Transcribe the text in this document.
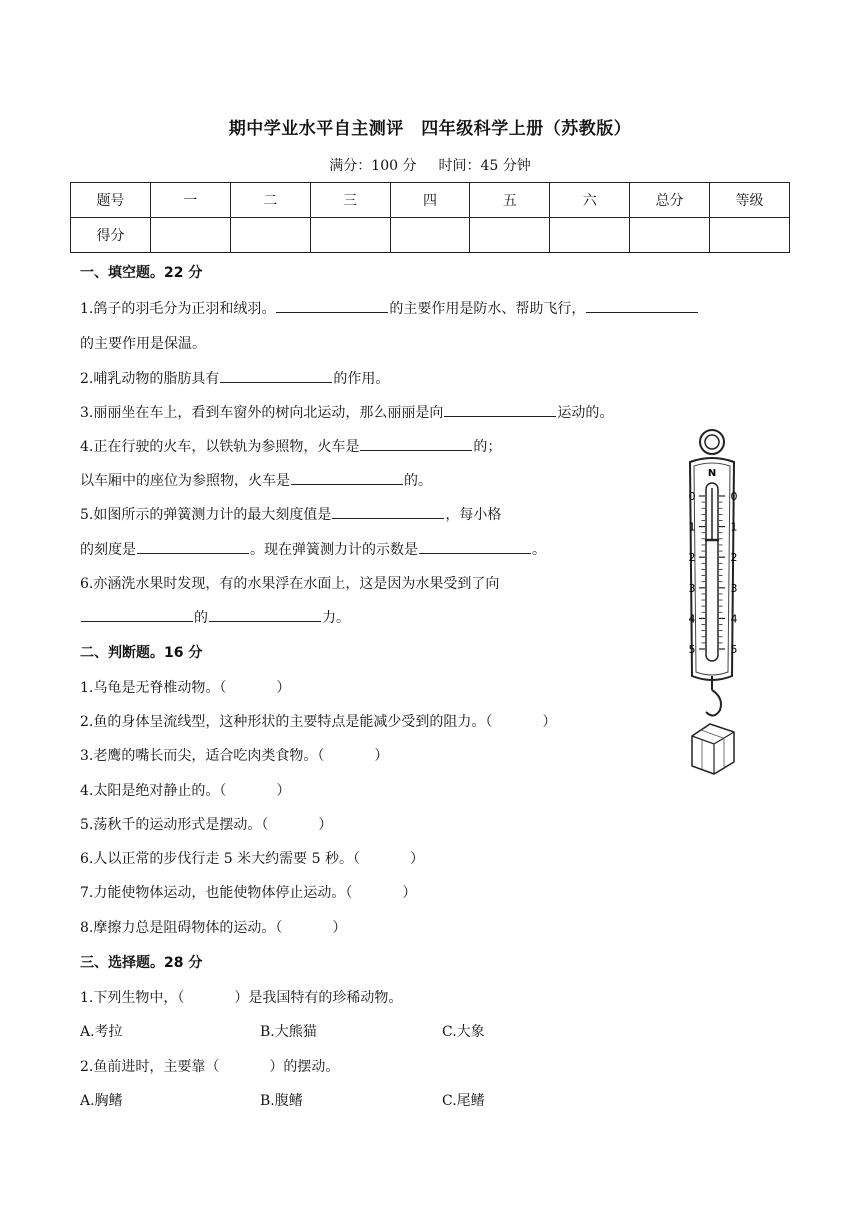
期中学业水平自主测评　四年级科学上册（苏教版）
满分：100 分 时间：45 分钟
题号	一	二	三	四	五	六	总分	等级
得分								
一、填空题。22 分
1.鸽子的羽毛分为正羽和绒羽。	的主要作用是防水、帮助飞行，
的主要作用是保温。
2.哺乳动物的脂肪具有	的作用。
3.丽丽坐在车上，看到车窗外的树向北运动，那么丽丽是向	运动的。
4.正在行驶的火车，以铁轨为参照物，火车是	的；
以车厢中的座位为参照物，火车是	的。
5.如图所示的弹簧测力计的最大刻度值是	，每小格
的刻度是	。现在弹簧测力计的示数是	。
6.亦涵洗水果时发现，有的水果浮在水面上，这是因为水果受到了向
的	力。
二、判断题。16 分
1.乌龟是无脊椎动物。（	）
2.鱼的身体呈流线型，这种形状的主要特点是能减少受到的阻力。（	）
3.老鹰的嘴长而尖，适合吃肉类食物。（	）
4.太阳是绝对静止的。（	）
5.荡秋千的运动形式是摆动。（	）
6.人以正常的步伐行走 5 米大约需要 5 秒。（	）
7.力能使物体运动，也能使物体停止运动。（	）
8.摩擦力总是阻碍物体的运动。（	）
三、选择题。28 分
1.下列生物中，（	）是我国特有的珍稀动物。
A.考拉	B.大熊猫	C.大象
2.鱼前进时，主要靠（	）的摆动。
A.胸鳍	B.腹鳍	C.尾鳍
N
0	0
1	1
2	2
3	3
4	4
5	5
